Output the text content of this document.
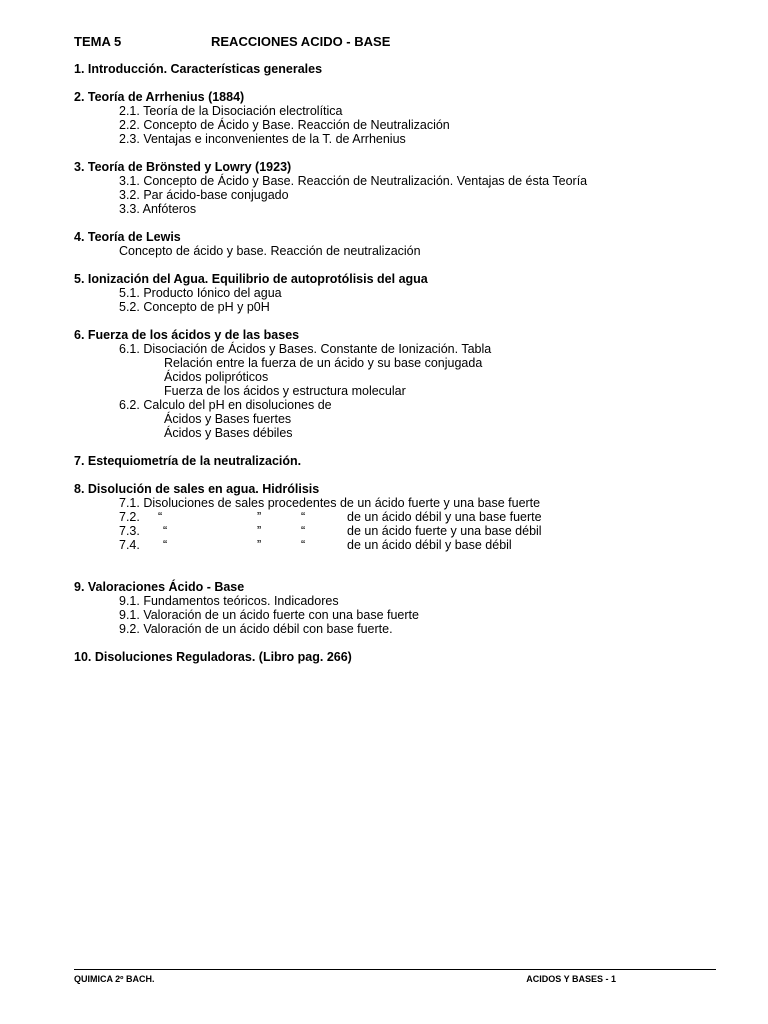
TEMA 5	REACCIONES ACIDO - BASE
1. Introducción. Características generales
2. Teoría de Arrhenius (1884)
2.1. Teoría de la Disociación electrolítica
2.2. Concepto de Ácido y Base. Reacción de Neutralización
2.3. Ventajas e inconvenientes de la T. de Arrhenius
3. Teoría de Brönsted y Lowry (1923)
3.1. Concepto de Ácido y Base. Reacción de Neutralización. Ventajas de ésta Teoría
3.2. Par ácido-base conjugado
3.3. Anfóteros
4. Teoría de Lewis
Concepto de ácido y base. Reacción de neutralización
5. Ionización del Agua. Equilibrio de autoprotólisis del agua
5.1. Producto Iónico del agua
5.2. Concepto de pH y p0H
6. Fuerza de los ácidos y de las bases
6.1. Disociación de Ácidos y Bases. Constante de Ionización. Tabla
Relación entre la fuerza de un ácido y su base conjugada
Ácidos polipróticos
Fuerza de los ácidos y estructura molecular
6.2. Calculo del pH en disoluciones de
Ácidos y Bases fuertes
Ácidos y Bases débiles
7. Estequiometría de la neutralización.
8. Disolución de sales en agua. Hidrólisis
7.1. Disoluciones de sales procedentes de un ácido fuerte y una base fuerte
7.2. “	”	“	de un ácido débil y una base fuerte
7.3. “	”	“	de un ácido fuerte y una base débil
7.4. “	”	“	de un ácido débil y base débil
9. Valoraciones Ácido - Base
9.1. Fundamentos teóricos. Indicadores
9.1. Valoración de un ácido fuerte con una base fuerte
9.2. Valoración de un ácido débil con base fuerte.
10. Disoluciones Reguladoras. (Libro pag. 266)
QUIMICA 2º BACH.	ACIDOS Y BASES - 1
